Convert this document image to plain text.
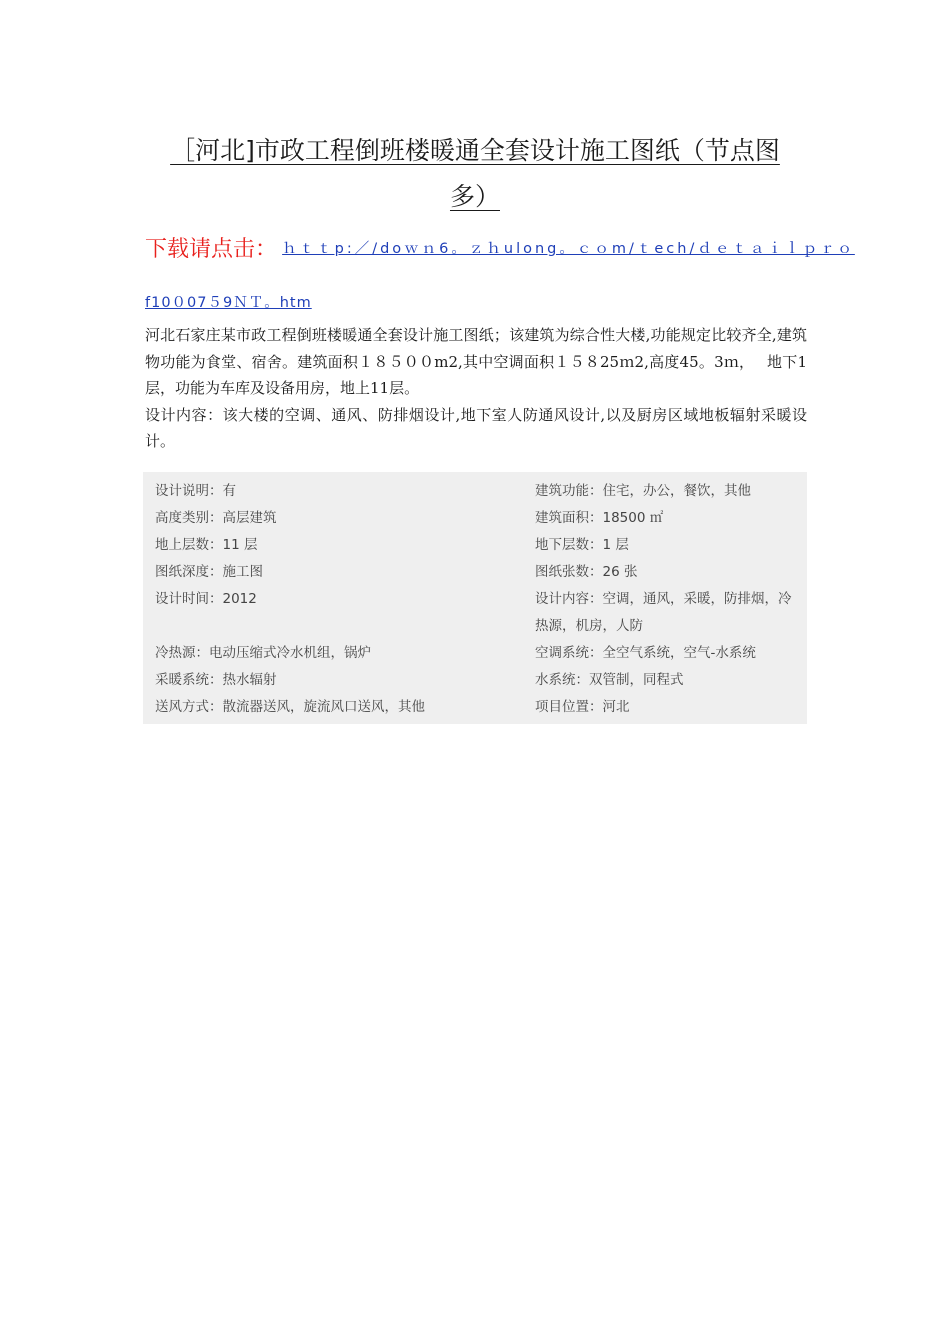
［河北]市政工程倒班楼暖通全套设计施工图纸（节点图
多）
下载请点击： ｈｔｔp:／/doｗｎ6。ｚｈulong。ｃｏm/ｔech/ｄｅｔａｉｌｐｒｏ
f10０07５9ＮＴ。htm

河北石家庄某市政工程倒班楼暖通全套设计施工图纸；该建筑为综合性大楼,功能规定比较齐全,建筑物功能为食堂、宿舍。建筑面积１８５００m2,其中空调面积１５８25ｍ2,高度45。3ｍ，　 地下1层，功能为车库及设备用房，地上11层。

设计内容：该大楼的空调、通风、防排烟设计,地下室人防通风设计,以及厨房区域地板辐射采暖设计。

设计说明：有
高度类别：高层建筑
地上层数：11 层
图纸深度：施工图
设计时间：2012
冷热源：电动压缩式冷水机组，锅炉
采暖系统：热水辐射
送风方式：散流器送风，旋流风口送风，其他
建筑功能：住宅，办公，餐饮，其他
建筑面积：18500 ㎡
地下层数：1 层
图纸张数：26 张
设计内容：空调，通风，采暖，防排烟，冷热源，机房，人防
空调系统：全空气系统，空气-水系统
水系统：双管制，同程式
项目位置：河北
